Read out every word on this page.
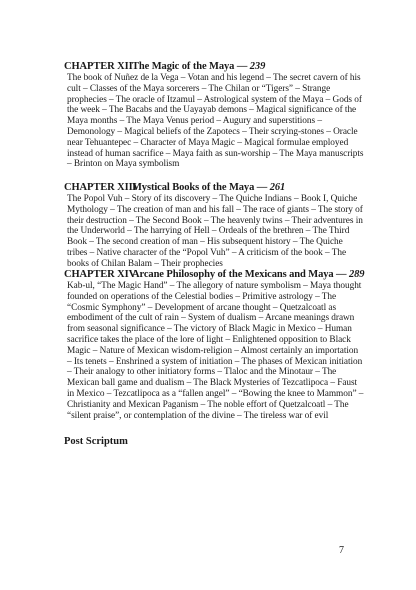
CHAPTER XIIThe Magic of the Maya — 239
The book of Nuñez de la Vega – Votan and his legend – The secret cavern of his cult – Classes of the Maya sorcerers – The Chilan or “Tigers” – Strange prophecies – The oracle of Itzamul – Astrological system of the Maya – Gods of the week – The Bacabs and the Uayayab demons – Magical significance of the Maya months – The Maya Venus period – Augury and superstitions – Demonology – Magical beliefs of the Zapotecs – Their scrying-stones – Oracle near Tehuantepec – Character of Maya Magic – Magical formulae employed instead of human sacrifice – Maya faith as sun-worship – The Maya manuscripts – Brinton on Maya symbolism
CHAPTER XIIIMystical Books of the Maya — 261
The Popol Vuh – Story of its discovery – The Quiche Indians – Book I, Quiche Mythology – The creation of man and his fall – The race of giants – The story of their destruction – The Second Book – The heavenly twins – Their adventures in the Underworld – The harrying of Hell – Ordeals of the brethren – The Third Book – The second creation of man – His subsequent history – The Quiche tribes – Native character of the “Popol Vuh” – A criticism of the book – The books of Chilan Balam – Their prophecies
CHAPTER XIVArcane Philosophy of the Mexicans and Maya — 289
Kab-ul, “The Magic Hand” – The allegory of nature symbolism – Maya thought founded on operations of the Celestial bodies – Primitive astrology – The “Cosmic Symphony” – Development of arcane thought – Quetzalcoatl as embodiment of the cult of rain – System of dualism – Arcane meanings drawn from seasonal significance – The victory of Black Magic in Mexico – Human sacrifice takes the place of the lore of light – Enlightened opposition to Black Magic – Nature of Mexican wisdom-religion – Almost certainly an importation – Its tenets – Enshrined a system of initiation – The phases of Mexican initiation – Their analogy to other initiatory forms – Tlaloc and the Minotaur – The Mexican ball game and dualism – The Black Mysteries of Tezcatlipoca – Faust in Mexico – Tezcatlipoca as a “fallen angel” – “Bowing the knee to Mammon” – Christianity and Mexican Paganism – The noble effort of Quetzalcoatl – The “silent praise”, or contemplation of the divine – The tireless war of evil
Post Scriptum
7
